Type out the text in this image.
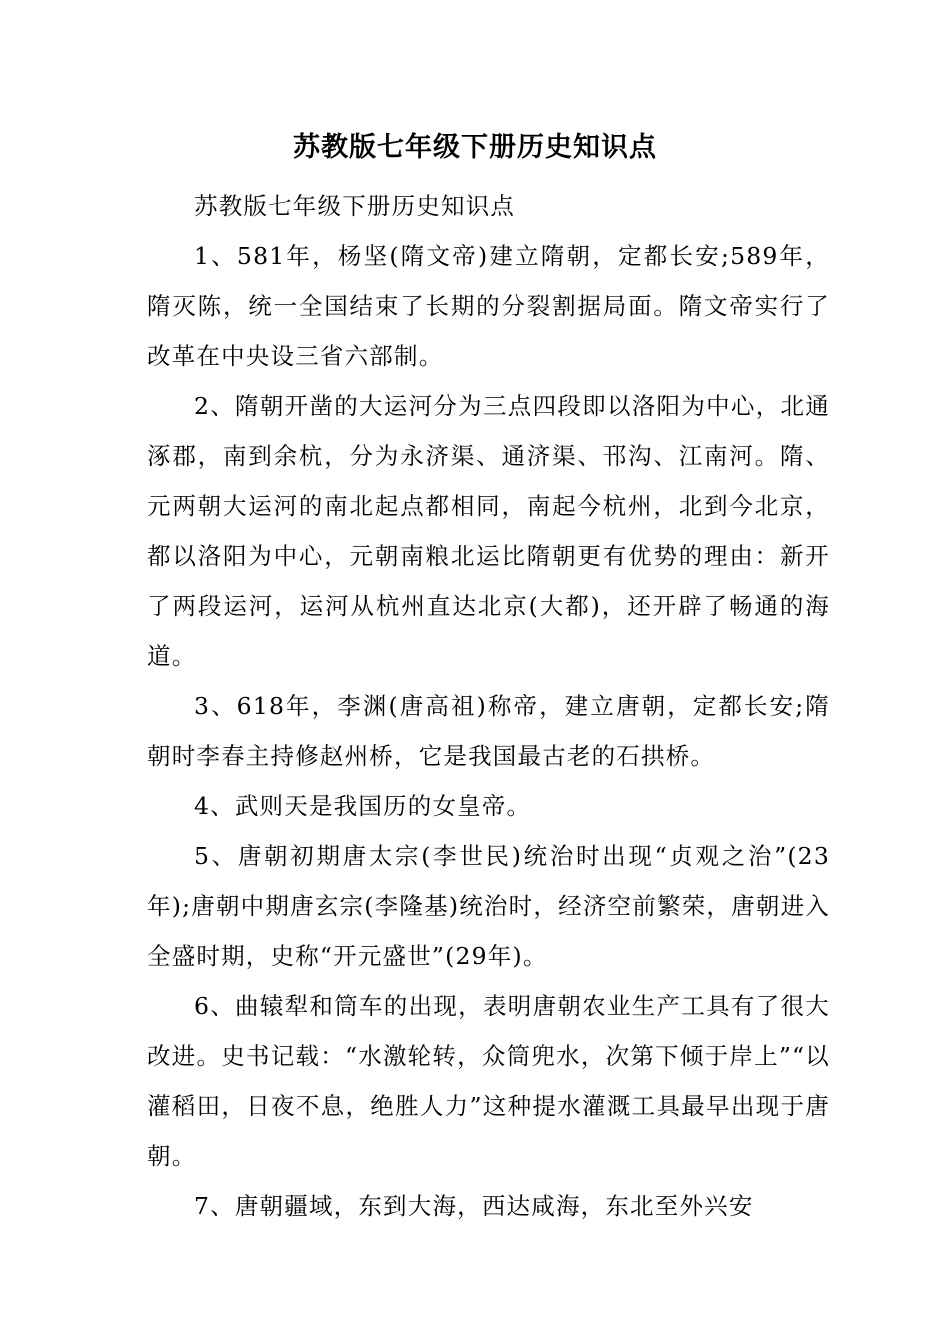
苏教版七年级下册历史知识点

苏教版七年级下册历史知识点

1、581年，杨坚(隋文帝)建立隋朝，定都长安;589年，隋灭陈，统一全国结束了长期的分裂割据局面。隋文帝实行了改革在中央设三省六部制。

2、隋朝开凿的大运河分为三点四段即以洛阳为中心，北通涿郡，南到余杭，分为永济渠、通济渠、邗沟、江南河。隋、元两朝大运河的南北起点都相同，南起今杭州，北到今北京，都以洛阳为中心，元朝南粮北运比隋朝更有优势的理由：新开了两段运河，运河从杭州直达北京(大都)，还开辟了畅通的海道。

3、618年，李渊(唐高祖)称帝，建立唐朝，定都长安;隋朝时李春主持修赵州桥，它是我国最古老的石拱桥。

4、武则天是我国历的女皇帝。

5、唐朝初期唐太宗(李世民)统治时出现“贞观之治”(23年);唐朝中期唐玄宗(李隆基)统治时，经济空前繁荣，唐朝进入全盛时期，史称“开元盛世”(29年)。

6、曲辕犁和筒车的出现，表明唐朝农业生产工具有了很大改进。史书记载：“水激轮转，众筒兜水，次第下倾于岸上”“以灌稻田，日夜不息，绝胜人力”这种提水灌溉工具最早出现于唐朝。

7、唐朝疆域，东到大海，西达咸海，东北至外兴安
